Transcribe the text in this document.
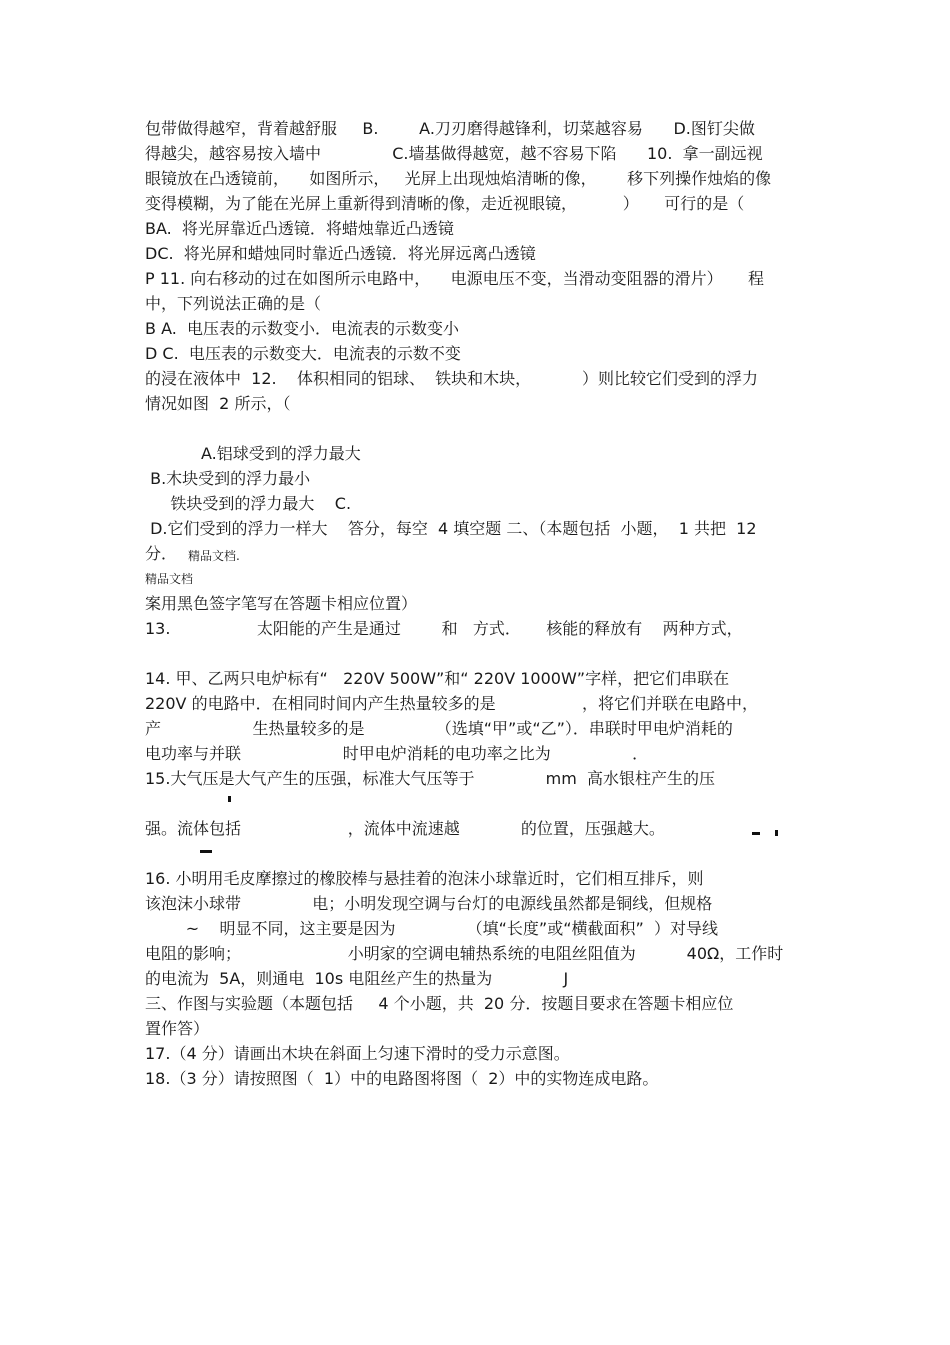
包带做得越窄，背着越舒服     B.        A.刀刃磨得越锋利，切菜越容易      D.图钉尖做
得越尖，越容易按入墙中              C.墙基做得越宽，越不容易下陷      10.  拿一副远视
眼镜放在凸透镜前，    如图所示，   光屏上出现烛焰清晰的像，      移下列操作烛焰的像
变得模糊，为了能在光屏上重新得到清晰的像，走近视眼镜，         ）     可行的是（
BA.  将光屏靠近凸透镜．将蜡烛靠近凸透镜
DC.  将光屏和蜡烛同时靠近凸透镜．将光屏远离凸透镜
P 11. 向右移动的过在如图所示电路中，    电源电压不变，当滑动变阻器的滑片）     程
中，下列说法正确的是（
B A.  电压表的示数变小．电流表的示数变小
D C.  电压表的示数变大．电流表的示数不变
的浸在液体中  12.    体积相同的铝球、  铁块和木块，          ）则比较它们受到的浮力
情况如图  2 所示，（
A.铝球受到的浮力最大
B.木块受到的浮力最小
铁块受到的浮力最大    C.
D.它们受到的浮力一样大    答分，每空  4 填空题 二、（本题包括  小题，  1 共把  12
分． 精品文档.
精品文档
案用黑色签字笔写在答题卡相应位置）
13.                 太阳能的产生是通过        和   方式．     核能的释放有    两种方式，
14. 甲、乙两只电炉标有“   220V 500W”和“ 220V 1000W”字样，把它们串联在
220V 的电路中．在相同时间内产生热量较多的是                 ，将它们并联在电路中，
产                  生热量较多的是              （选填“甲”或“乙”）．串联时甲电炉消耗的
电功率与并联                    时甲电炉消耗的电功率之比为                ．
15.大气压是大气产生的压强，标准大气压等于              mm  高水银柱产生的压
强。流体包括                     ，流体中流速越            的位置，压强越大。
16. 小明用毛皮摩擦过的橡胶棒与悬挂着的泡沫小球靠近时，它们相互排斥，则
该泡沫小球带              电；小明发现空调与台灯的电源线虽然都是铜线，但规格
~    明显不同，这主要是因为              （填“长度”或“横截面积”  ）对导线
电阻的影响；                     小明家的空调电辅热系统的电阻丝阻值为          40Ω，工作时
的电流为  5A，则通电  10s 电阻丝产生的热量为              J
三、作图与实验题（本题包括     4 个小题，共  20 分．按题目要求在答题卡相应位
置作答）
17.（4 分）请画出木块在斜面上匀速下滑时的受力示意图。
18.（3 分）请按照图（  1）中的电路图将图（  2）中的实物连成电路。
